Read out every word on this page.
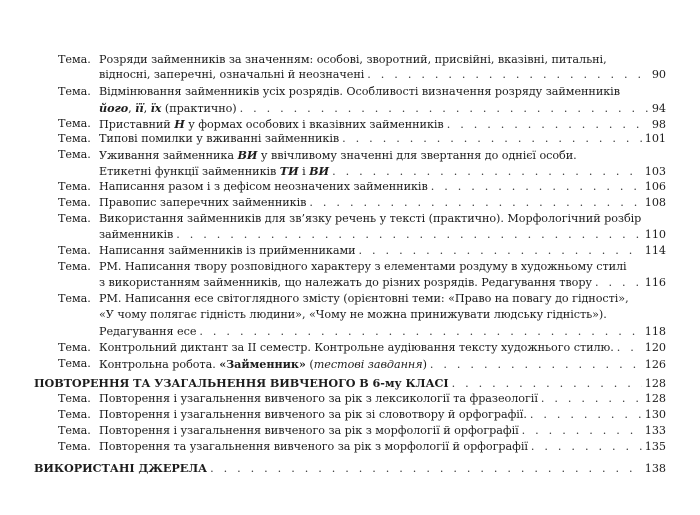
Тема. Розряди займенників за значенням: особові, зворотний, присвійні, вказівні, питальні,
відносні, заперечні, означальні й неозначені . . .	90
Тема. Відмінювання займенників усіх розрядів. Особливості визначення розряду займенників
його, її, їх (практично) . . .	94
Тема. Приставний Н у формах особових і вказівних займенників . . .	98
Тема. Типові помилки у вживанні займенників . . .	101
Тема. Уживання займенника ВИ у ввічливому значенні для звертання до однієї особи.
Етикетні функції займенників ТИ і ВИ . . .	103
Тема. Написання разом і з дефісом неозначених займенників . . .	106
Тема. Правопис заперечних займенників . . .	108
Тема. Використання займенників для зв’язку речень у тексті (практично). Морфологічний розбір
займенників . . .	110
Тема. Написання займенників із прийменниками . . .	114
Тема. РМ. Написання твору розповідного характеру з елементами роздуму в художньому стилі
з використанням займенників, що належать до різних розрядів. Редагування твору . . .	116
Тема. РМ. Написання есе світоглядного змісту (орієнтовні теми: «Право на повагу до гідності»,
«У чому полягає гідність людини», «Чому не можна принижувати людську гідність»).
Редагування есе . . .	118
Тема. Контрольний диктант за II семестр. Контрольне аудіювання тексту художнього стилю. . . .	120
Тема. Контрольна робота. «Займенник» (тестові завдання) . . .	126
ПОВТОРЕННЯ ТА УЗАГАЛЬНЕННЯ ВИВЧЕНОГО В 6-му КЛАСІ . . .	128
Тема. Повторення і узагальнення вивченого за рік з лексикології та фразеології . . .	128
Тема. Повторення і узагальнення вивченого за рік зі словотвору й орфографії. . . .	130
Тема. Повторення і узагальнення вивченого за рік з морфології й орфографії . . .	133
Тема. Повторення та узагальнення вивченого за рік з морфології й орфографії . . .	135
ВИКОРИСТАНІ ДЖЕРЕЛА . . .	138
